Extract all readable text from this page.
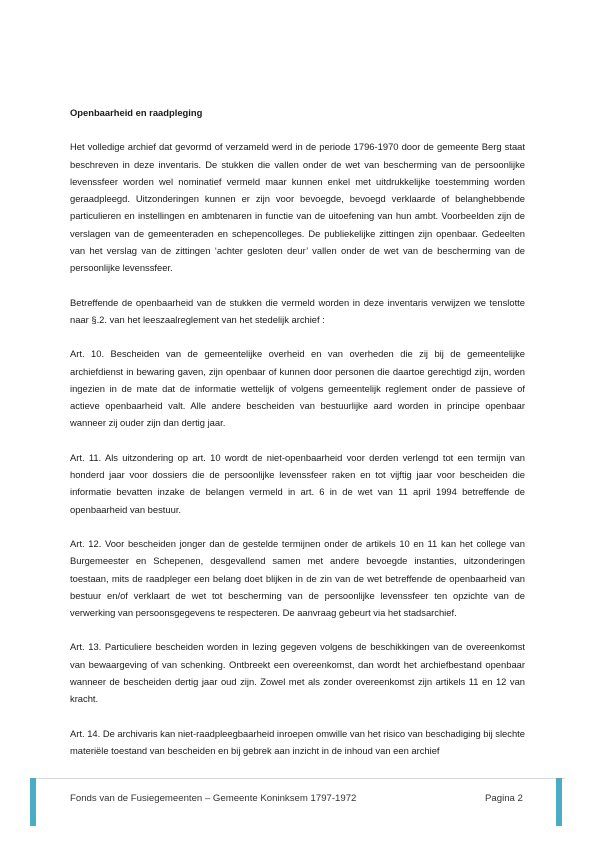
Openbaarheid en raadpleging

Het volledige archief dat gevormd of verzameld werd in de periode 1796-1970 door de gemeente Berg staat beschreven in deze inventaris. De stukken die vallen onder de wet van bescherming van de persoonlijke levenssfeer worden wel nominatief vermeld maar kunnen enkel met uitdrukkelijke toestemming worden geraadpleegd. Uitzonderingen kunnen er zijn voor bevoegde, bevoegd verklaarde of belanghebbende particulieren en instellingen en ambtenaren in functie van de uitoefening van hun ambt. Voorbeelden zijn de verslagen van de gemeenteraden en schepencolleges. De publiekelijke zittingen zijn openbaar. Gedeelten van het verslag van de zittingen ‘achter gesloten deur’ vallen onder de wet van de bescherming van de persoonlijke levenssfeer.

Betreffende de openbaarheid van de stukken die vermeld worden in deze inventaris verwijzen we tenslotte naar §.2. van het leeszaalreglement van het stedelijk archief :

Art. 10. Bescheiden van de gemeentelijke overheid en van overheden die zij bij de gemeentelijke archiefdienst in bewaring gaven, zijn openbaar of kunnen door personen die daartoe gerechtigd zijn, worden ingezien in de mate dat de informatie wettelijk of volgens gemeentelijk reglement onder de passieve of actieve openbaarheid valt. Alle andere bescheiden van bestuurlijke aard worden in principe openbaar wanneer zij ouder zijn dan dertig jaar.

Art. 11. Als uitzondering op art. 10 wordt de niet-openbaarheid voor derden verlengd tot een termijn van honderd jaar voor dossiers die de persoonlijke levenssfeer raken en tot vijftig jaar voor bescheiden die informatie bevatten inzake de belangen vermeld in art. 6 in de wet van 11 april 1994 betreffende de openbaarheid van bestuur.

Art. 12. Voor bescheiden jonger dan de gestelde termijnen onder de artikels 10 en 11 kan het college van Burgemeester en Schepenen, desgevallend samen met andere bevoegde instanties, uitzonderingen toestaan, mits de raadpleger een belang doet blijken in de zin van de wet betreffende de openbaarheid van bestuur en/of verklaart de wet tot bescherming van de persoonlijke levenssfeer ten opzichte van de verwerking van persoonsgegevens te respecteren. De aanvraag gebeurt via het stadsarchief.

Art. 13. Particuliere bescheiden worden in lezing gegeven volgens de beschikkingen van de overeenkomst van bewaargeving of van schenking. Ontbreekt een overeenkomst, dan wordt het archiefbestand openbaar wanneer de bescheiden dertig jaar oud zijn. Zowel met als zonder overeenkomst zijn artikels 11 en 12 van kracht.

Art. 14. De archivaris kan niet-raadpleegbaarheid inroepen omwille van het risico van beschadiging bij slechte materiële toestand van bescheiden en bij gebrek aan inzicht in de inhoud van een archief

Fonds van de Fusiegemeenten – Gemeente Koninksem 1797-1972	Pagina 2
